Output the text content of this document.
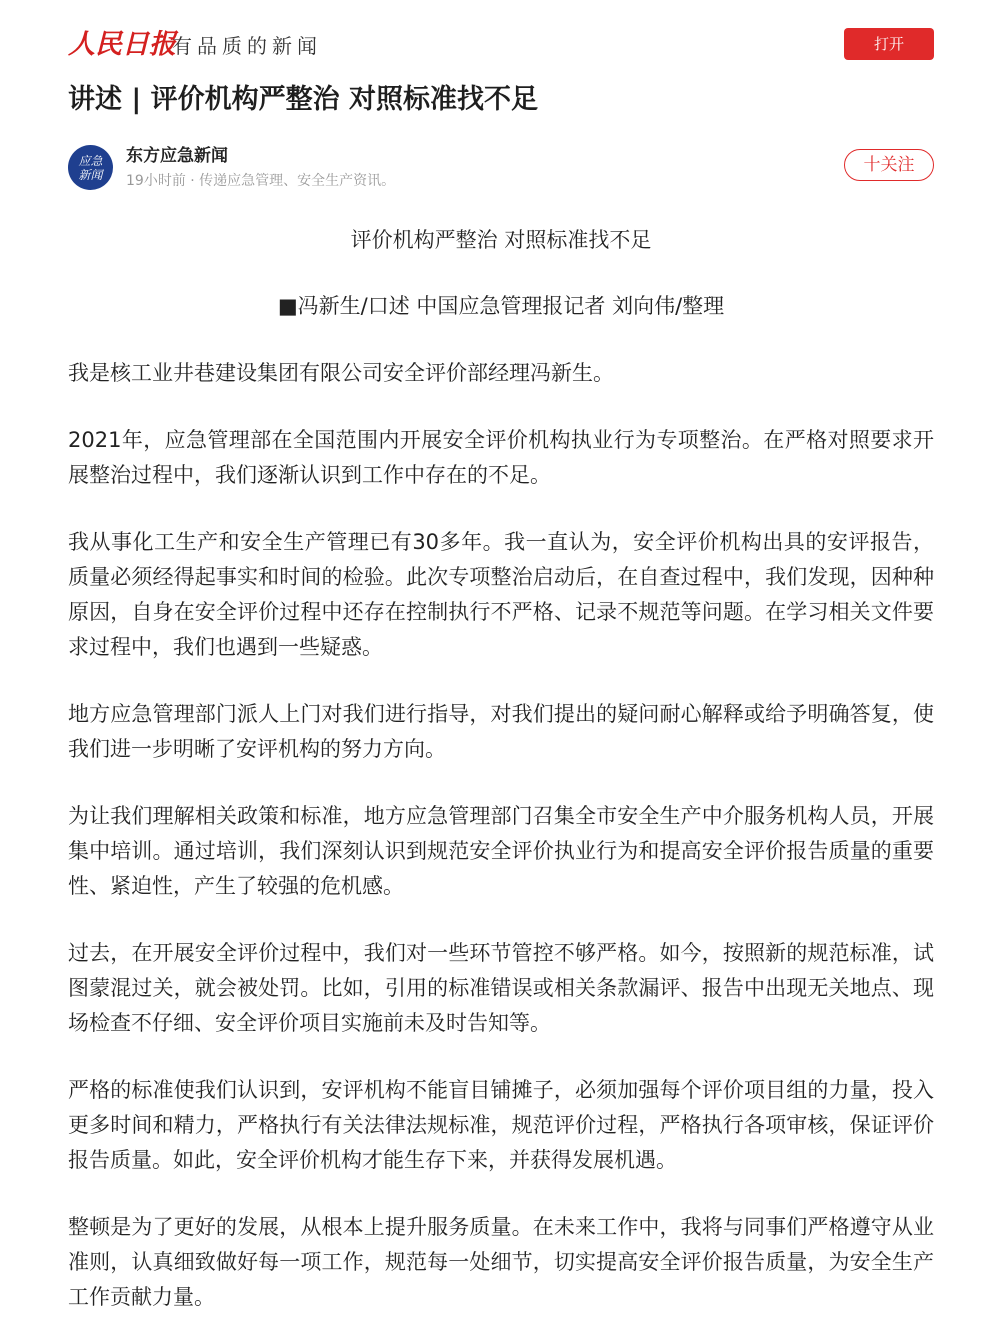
人民日报
有品质的新闻	打开
讲述 | 评价机构严整治 对照标准找不足
应急
新闻
东方应急新闻
19小时前 · 传递应急管理、安全生产资讯。
十关注

评价机构严整治 对照标准找不足

■冯新生/口述 中国应急管理报记者 刘向伟/整理

我是核工业井巷建设集团有限公司安全评价部经理冯新生。

2021年，应急管理部在全国范围内开展安全评价机构执业行为专项整治。在严格对照要求开展整治过程中，我们逐渐认识到工作中存在的不足。

我从事化工生产和安全生产管理已有30多年。我一直认为，安全评价机构出具的安评报告，质量必须经得起事实和时间的检验。此次专项整治启动后，在自查过程中，我们发现，因种种原因，自身在安全评价过程中还存在控制执行不严格、记录不规范等问题。在学习相关文件要求过程中，我们也遇到一些疑惑。

地方应急管理部门派人上门对我们进行指导，对我们提出的疑问耐心解释或给予明确答复，使我们进一步明晰了安评机构的努力方向。

为让我们理解相关政策和标准，地方应急管理部门召集全市安全生产中介服务机构人员，开展集中培训。通过培训，我们深刻认识到规范安全评价执业行为和提高安全评价报告质量的重要性、紧迫性，产生了较强的危机感。

过去，在开展安全评价过程中，我们对一些环节管控不够严格。如今，按照新的规范标准，试图蒙混过关，就会被处罚。比如，引用的标准错误或相关条款漏评、报告中出现无关地点、现场检查不仔细、安全评价项目实施前未及时告知等。

严格的标准使我们认识到，安评机构不能盲目铺摊子，必须加强每个评价项目组的力量，投入更多时间和精力，严格执行有关法律法规标准，规范评价过程，严格执行各项审核，保证评价报告质量。如此，安全评价机构才能生存下来，并获得发展机遇。

整顿是为了更好的发展，从根本上提升服务质量。在未来工作中，我将与同事们严格遵守从业准则，认真细致做好每一项工作，规范每一处细节，切实提高安全评价报告质量，为安全生产工作贡献力量。
